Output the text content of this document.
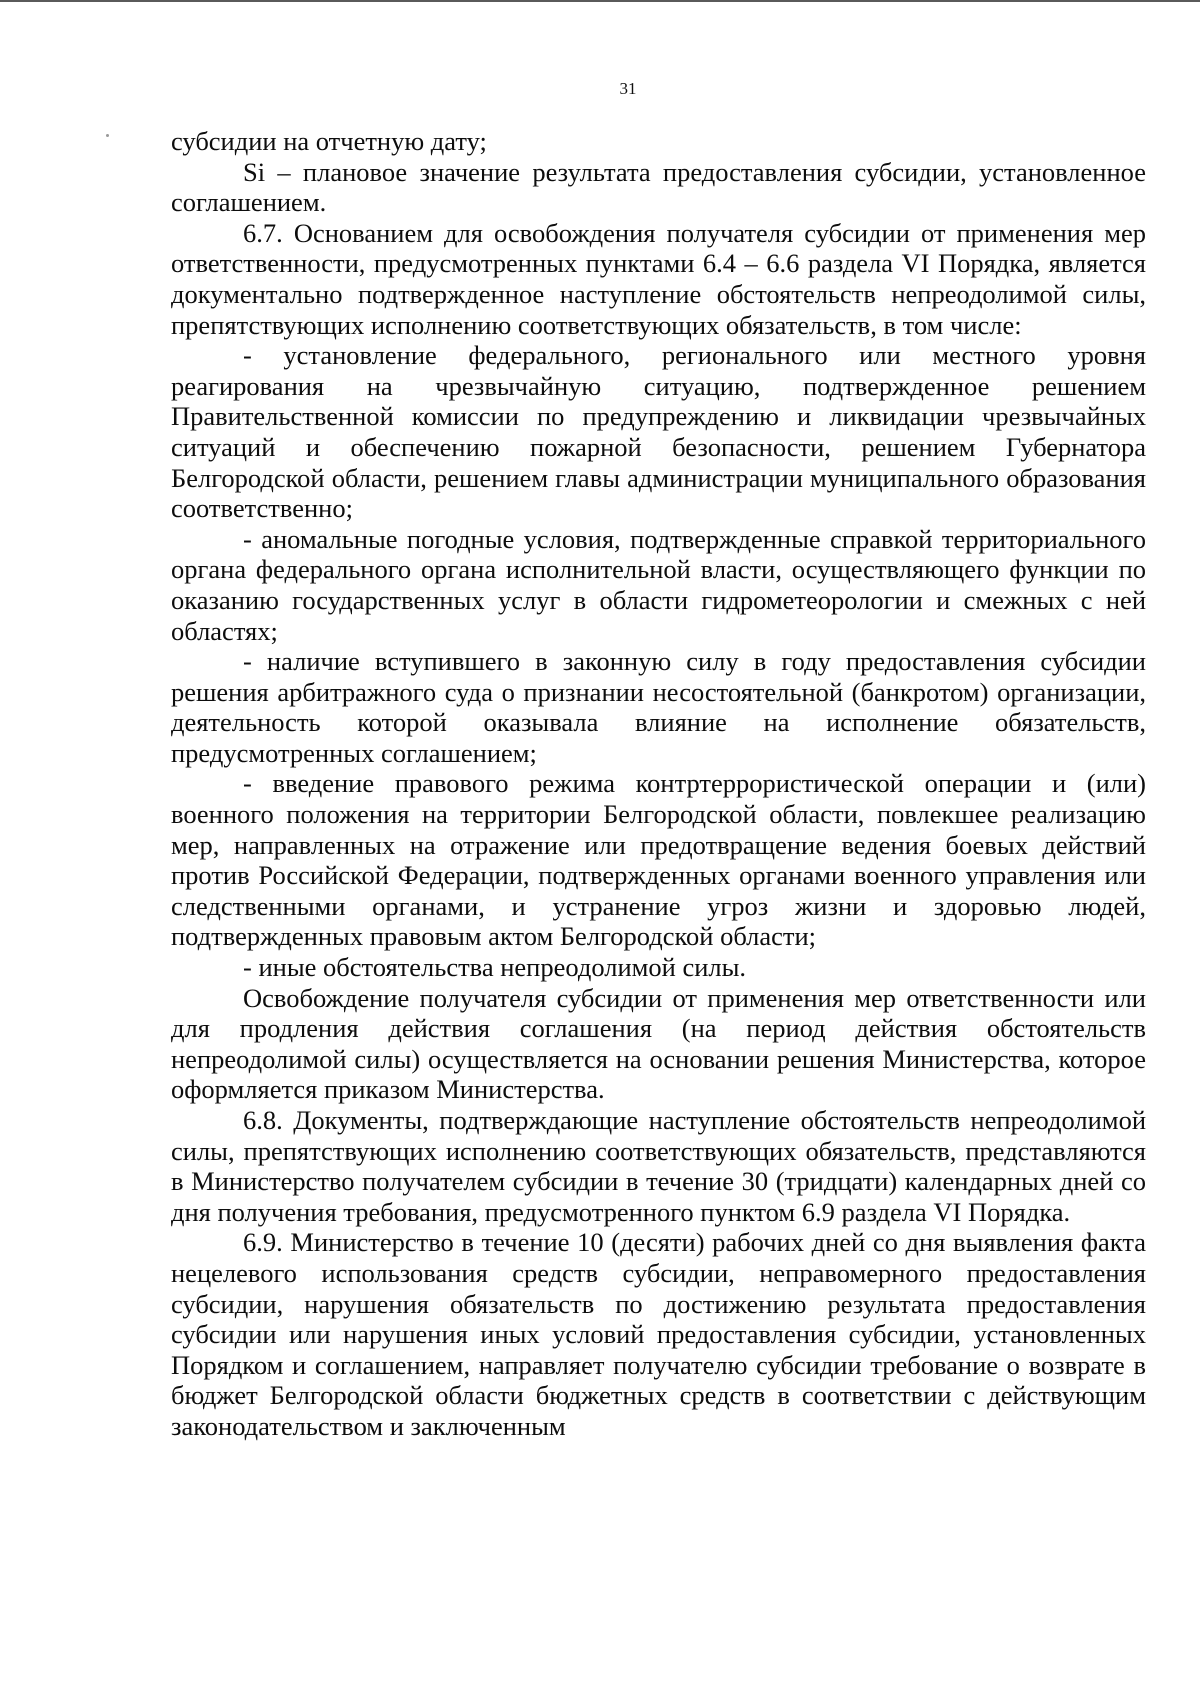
31

субсидии на отчетную дату;

Si – плановое значение результата предоставления субсидии, установленное соглашением.

6.7. Основанием для освобождения получателя субсидии от применения мер ответственности, предусмотренных пунктами 6.4 – 6.6 раздела VI Порядка, является документально подтвержденное наступление обстоятельств непреодолимой силы, препятствующих исполнению соответствующих обязательств, в том числе:

- установление федерального, регионального или местного уровня реагирования на чрезвычайную ситуацию, подтвержденное решением Правительственной комиссии по предупреждению и ликвидации чрезвычайных ситуаций и обеспечению пожарной безопасности, решением Губернатора Белгородской области, решением главы администрации муниципального образования соответственно;

- аномальные погодные условия, подтвержденные справкой территориального органа федерального органа исполнительной власти, осуществляющего функции по оказанию государственных услуг в области гидрометеорологии и смежных с ней областях;

- наличие вступившего в законную силу в году предоставления субсидии решения арбитражного суда о признании несостоятельной (банкротом) организации, деятельность которой оказывала влияние на исполнение обязательств, предусмотренных соглашением;

- введение правового режима контртеррористической операции и (или) военного положения на территории Белгородской области, повлекшее реализацию мер, направленных на отражение или предотвращение ведения боевых действий против Российской Федерации, подтвержденных органами военного управления или следственными органами, и устранение угроз жизни и здоровью людей, подтвержденных правовым актом Белгородской области;

- иные обстоятельства непреодолимой силы.

Освобождение получателя субсидии от применения мер ответственности или для продления действия соглашения (на период действия обстоятельств непреодолимой силы) осуществляется на основании решения Министерства, которое оформляется приказом Министерства.

6.8. Документы, подтверждающие наступление обстоятельств непреодолимой силы, препятствующих исполнению соответствующих обязательств, представляются в Министерство получателем субсидии в течение 30 (тридцати) календарных дней со дня получения требования, предусмотренного пунктом 6.9 раздела VI Порядка.

6.9. Министерство в течение 10 (десяти) рабочих дней со дня выявления факта нецелевого использования средств субсидии, неправомерного предоставления субсидии, нарушения обязательств по достижению результата предоставления субсидии или нарушения иных условий предоставления субсидии, установленных Порядком и соглашением, направляет получателю субсидии требование о возврате в бюджет Белгородской области бюджетных средств в соответствии с действующим законодательством и заключенным
